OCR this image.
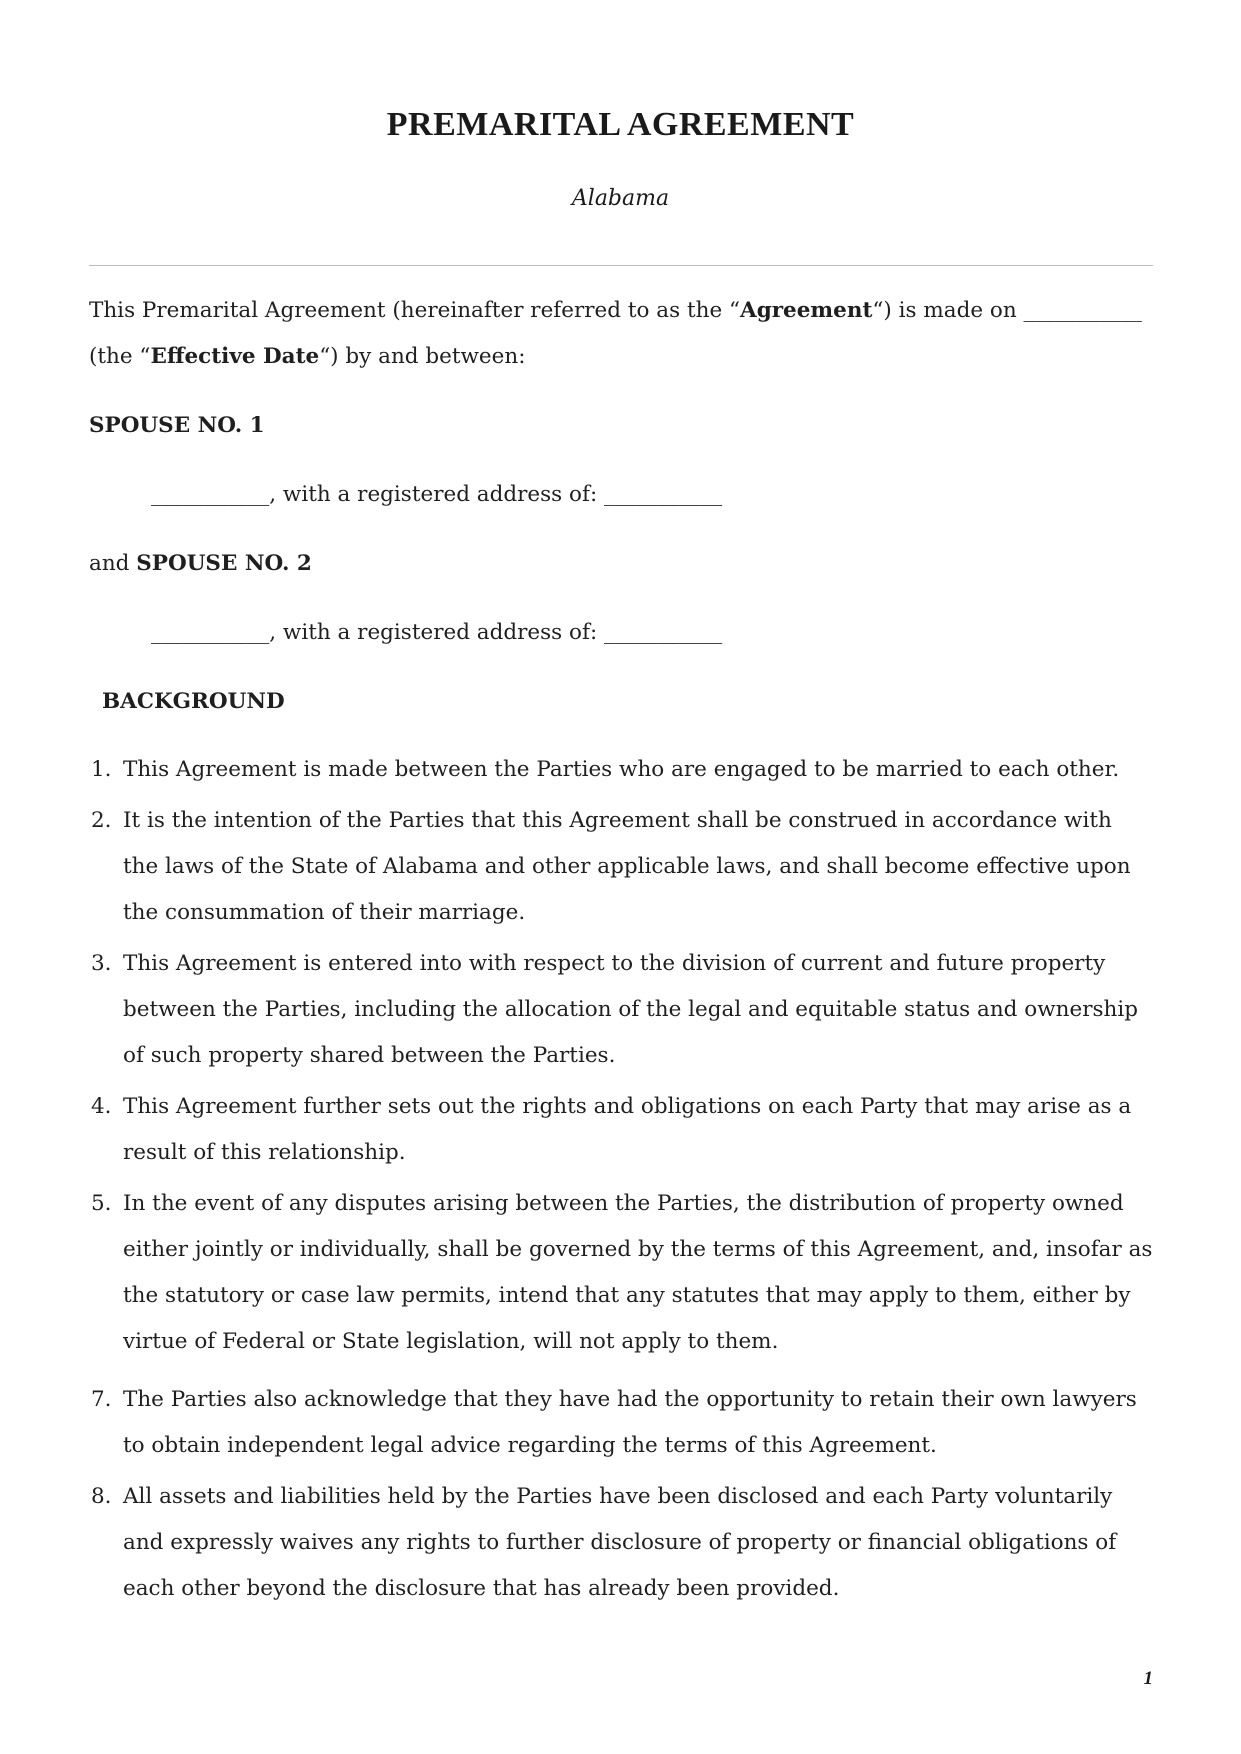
PREMARITAL AGREEMENT
Alabama

This Premarital Agreement (hereinafter referred to as the “Agreement“) is made on ___________
(the “Effective Date“) by and between:

SPOUSE NO. 1

___________, with a registered address of: ___________

and SPOUSE NO. 2

___________, with a registered address of: ___________

BACKGROUND

1. This Agreement is made between the Parties who are engaged to be married to each other.
2. It is the intention of the Parties that this Agreement shall be construed in accordance with the laws of the State of Alabama and other applicable laws, and shall become effective upon the consummation of their marriage.
3. This Agreement is entered into with respect to the division of current and future property between the Parties, including the allocation of the legal and equitable status and ownership of such property shared between the Parties.
4. This Agreement further sets out the rights and obligations on each Party that may arise as a result of this relationship.
5. In the event of any disputes arising between the Parties, the distribution of property owned either jointly or individually, shall be governed by the terms of this Agreement, and, insofar as the statutory or case law permits, intend that any statutes that may apply to them, either by virtue of Federal or State legislation, will not apply to them.
7. The Parties also acknowledge that they have had the opportunity to retain their own lawyers to obtain independent legal advice regarding the terms of this Agreement.
8. All assets and liabilities held by the Parties have been disclosed and each Party voluntarily and expressly waives any rights to further disclosure of property or financial obligations of each other beyond the disclosure that has already been provided.
1
